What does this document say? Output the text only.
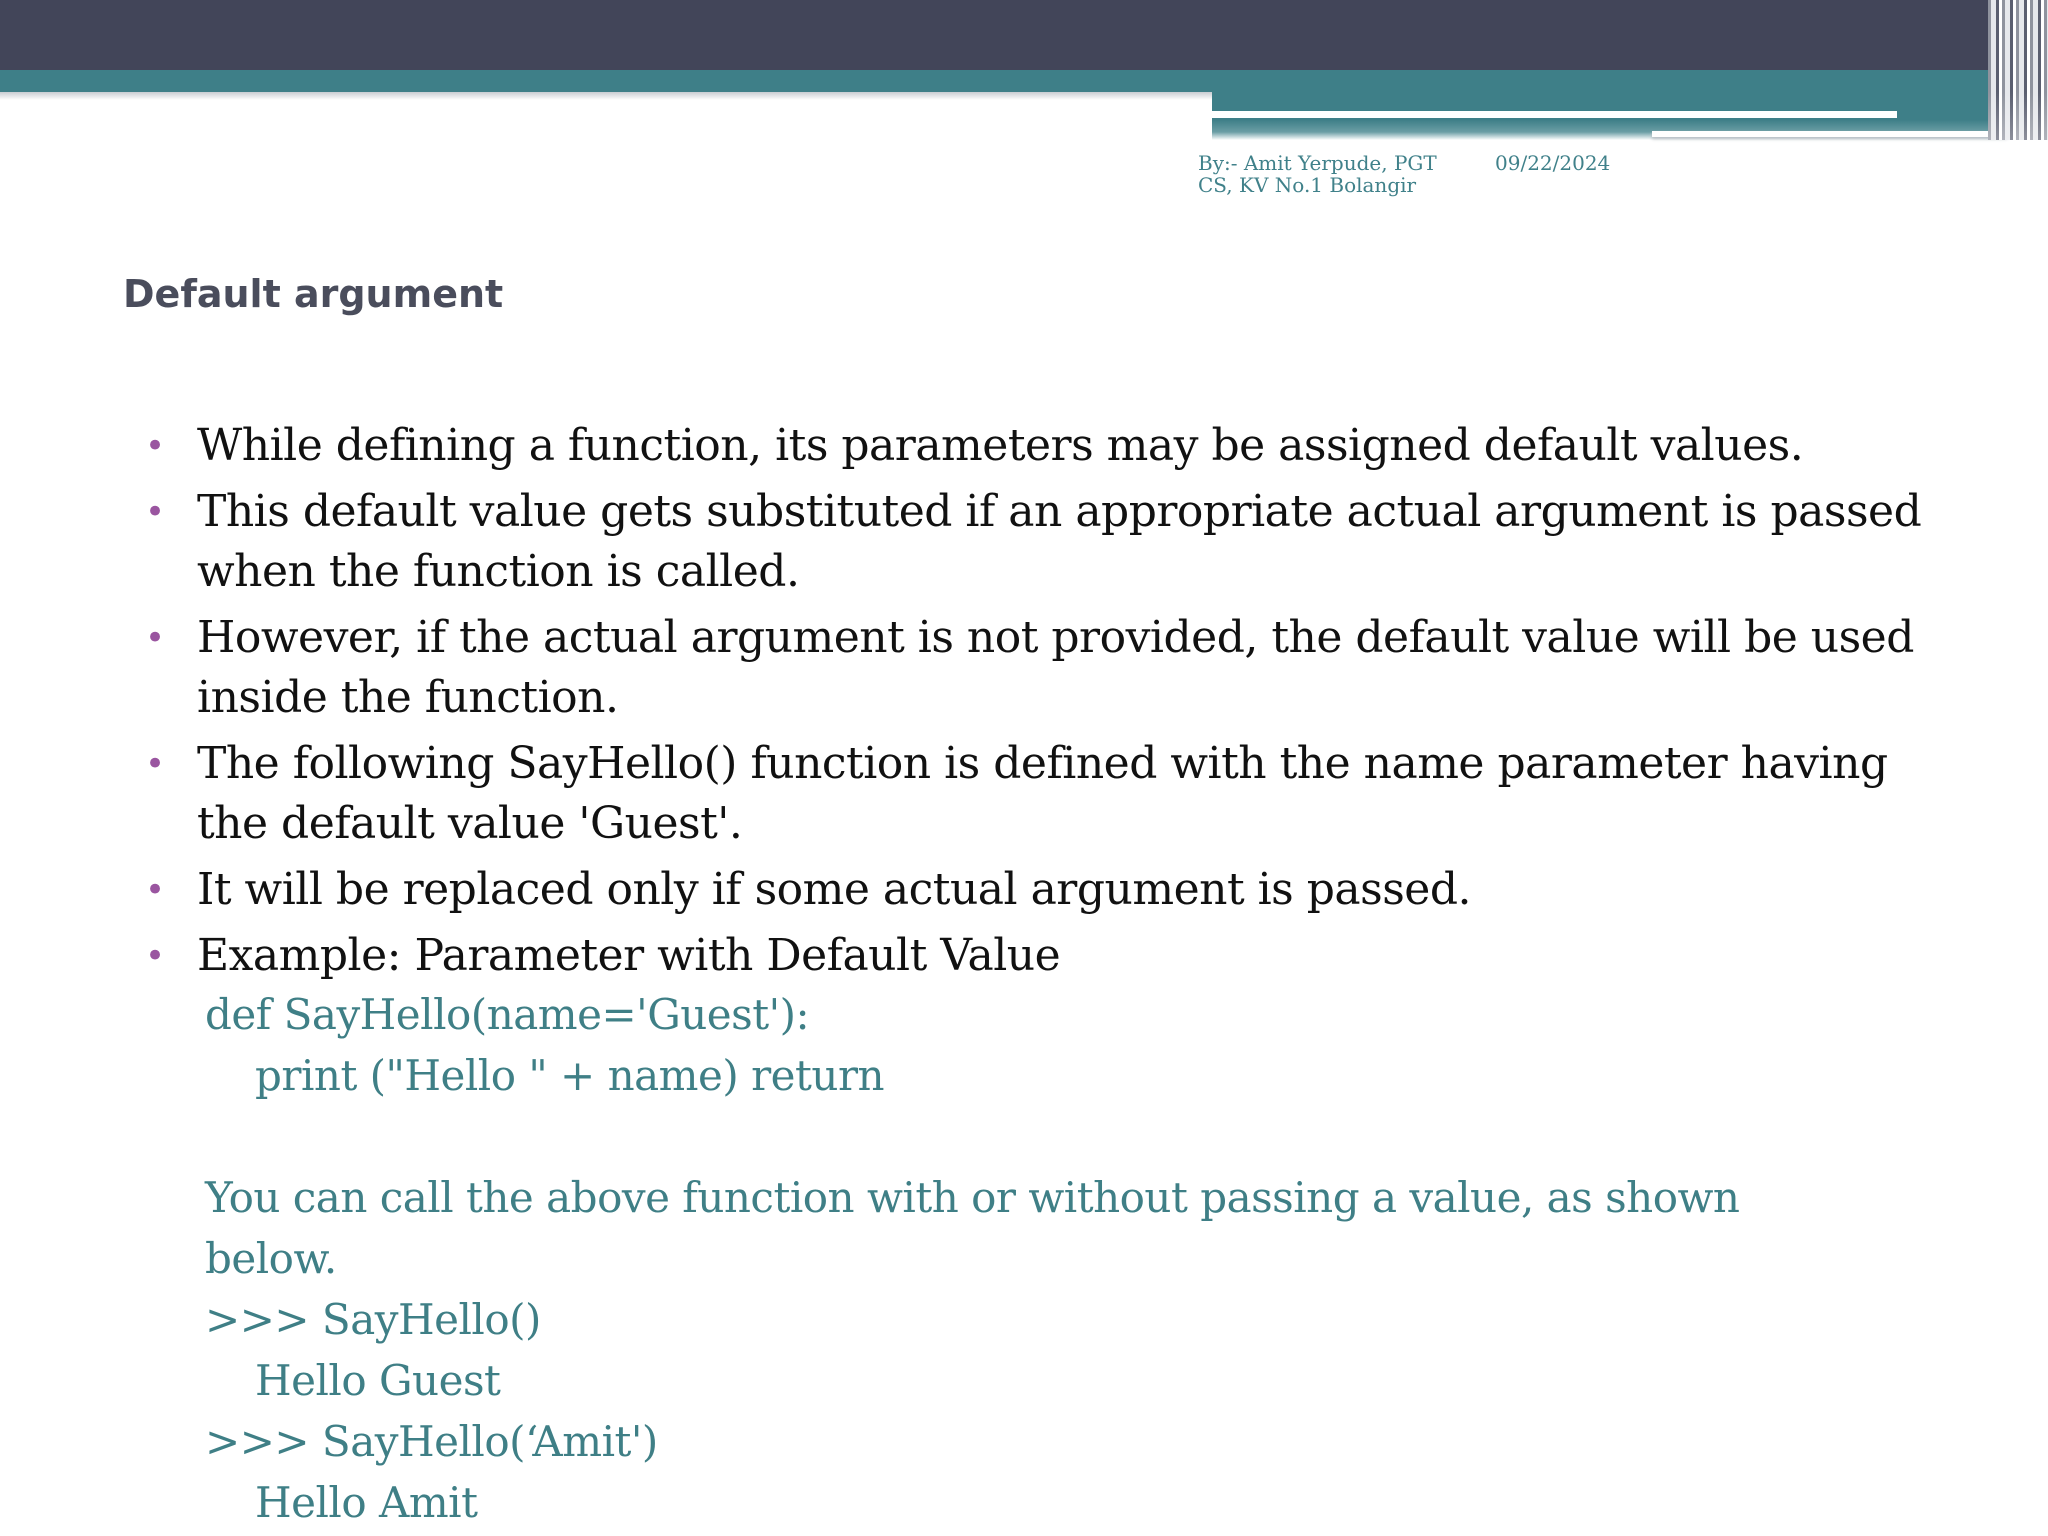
By:- Amit Yerpude, PGT
CS, KV No.1 Bolangir
09/22/2024
Default argument
• While defining a function, its parameters may be assigned default values.
• This default value gets substituted if an appropriate actual argument is passed
when the function is called.
• However, if the actual argument is not provided, the default value will be used
inside the function.
• The following SayHello() function is defined with the name parameter having
the default value 'Guest'.
• It will be replaced only if some actual argument is passed.
• Example: Parameter with Default Value
def SayHello(name='Guest'):
print ("Hello " + name) return
You can call the above function with or without passing a value, as shown
below.
>>> SayHello()
Hello Guest
>>> SayHello(‘Amit')
Hello Amit
